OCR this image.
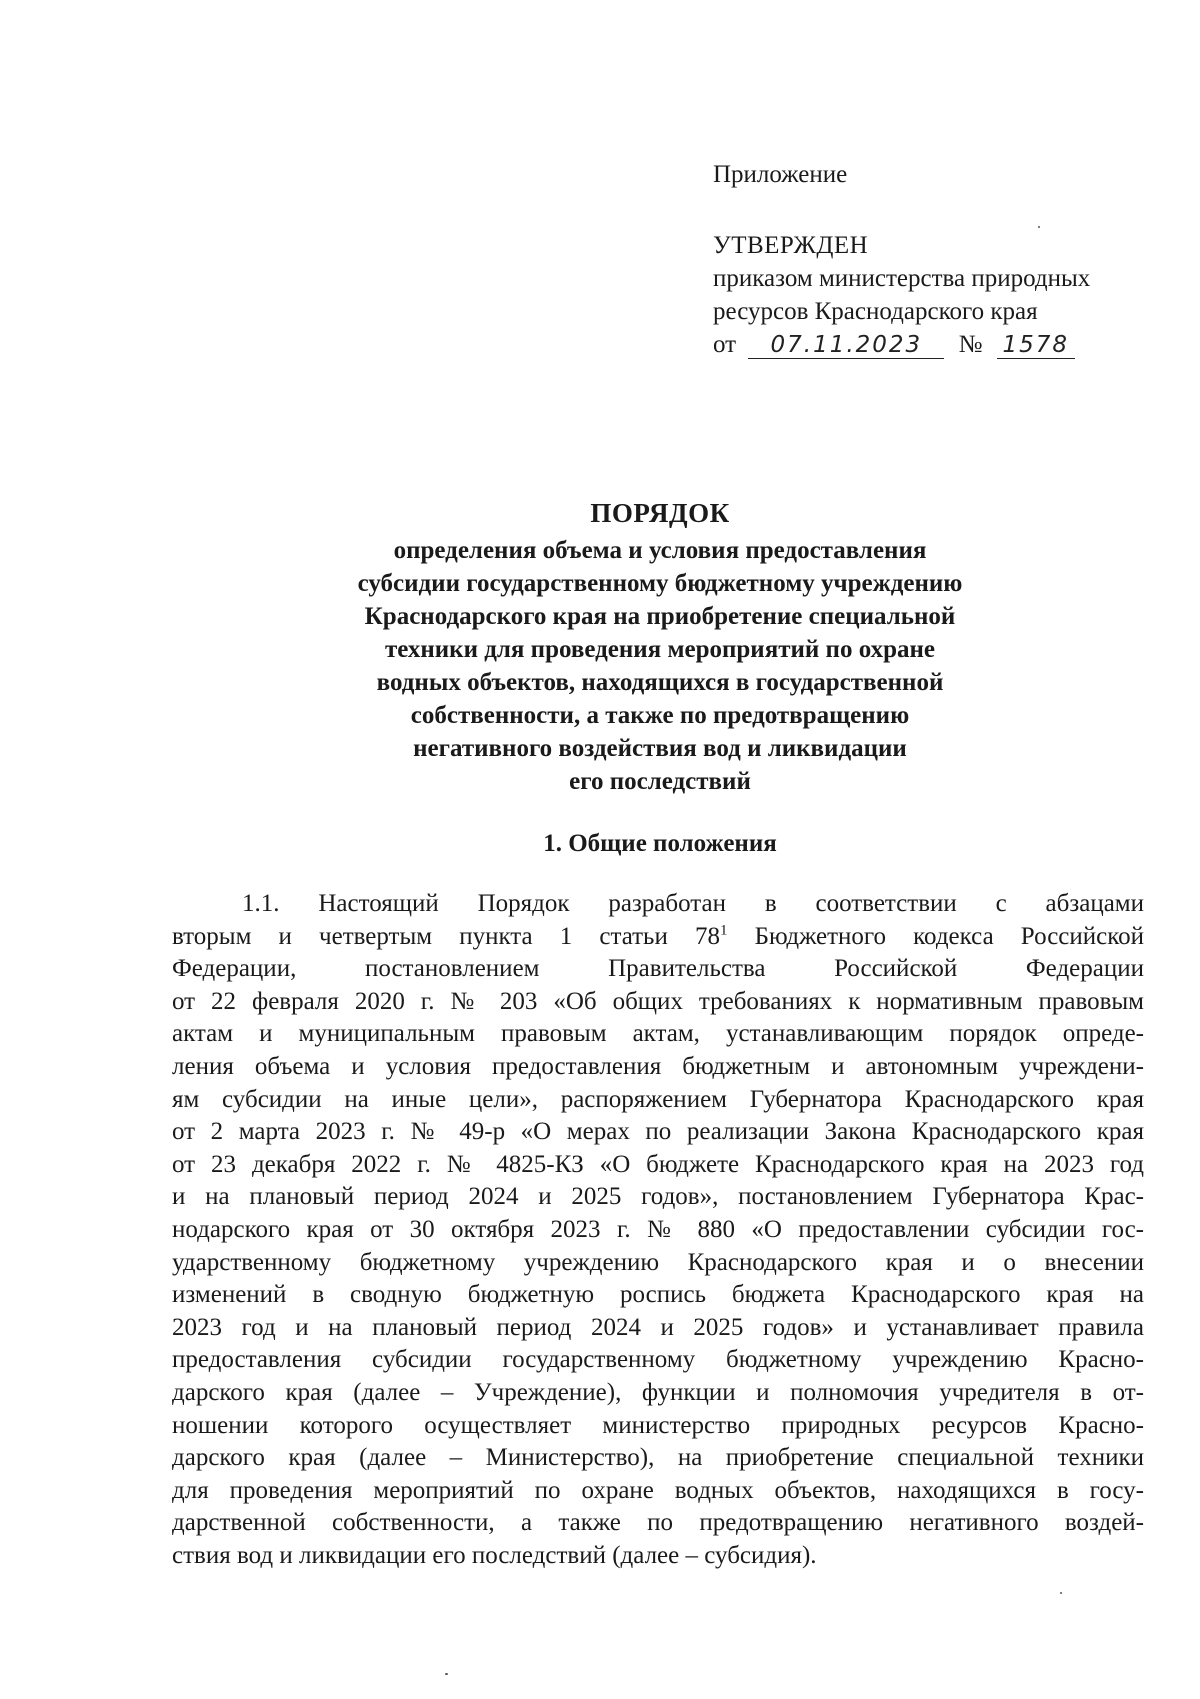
Приложение
УТВЕРЖДЕН
приказом министерства природных
ресурсов Краснодарского края
от 07.11.2023 № 1578
ПОРЯДОК
определения объема и условия предоставления
субсидии государственному бюджетному учреждению
Краснодарского края на приобретение специальной
техники для проведения мероприятий по охране
водных объектов, находящихся в государственной
собственности, а также по предотвращению
негативного воздействия вод и ликвидации
его последствий
1. Общие положения
1.1. Настоящий Порядок разработан в соответствии с абзацами
вторым и четвертым пункта 1 статьи $78^1$ Бюджетного кодекса Российской
Федерации, постановлением Правительства Российской Федерации
от 22 февраля 2020 г. № 203 «Об общих требованиях к нормативным правовым
актам и муниципальным правовым актам, устанавливающим порядок опреде-
ления объема и условия предоставления бюджетным и автономным учреждени-
ям субсидии на иные цели», распоряжением Губернатора Краснодарского края
от 2 марта 2023 г. № 49-р «О мерах по реализации Закона Краснодарского края
от 23 декабря 2022 г. № 4825-КЗ «О бюджете Краснодарского края на 2023 год
и на плановый период 2024 и 2025 годов», постановлением Губернатора Крас-
нодарского края от 30 октября 2023 г. № 880 «О предоставлении субсидии гос-
ударственному бюджетному учреждению Краснодарского края и о внесении
изменений в сводную бюджетную роспись бюджета Краснодарского края на
2023 год и на плановый период 2024 и 2025 годов» и устанавливает правила
предоставления субсидии государственному бюджетному учреждению Красно-
дарского края (далее – Учреждение), функции и полномочия учредителя в от-
ношении которого осуществляет министерство природных ресурсов Красно-
дарского края (далее – Министерство), на приобретение специальной техники
для проведения мероприятий по охране водных объектов, находящихся в госу-
дарственной собственности, а также по предотвращению негативного воздей-
ствия вод и ликвидации его последствий (далее – субсидия).
